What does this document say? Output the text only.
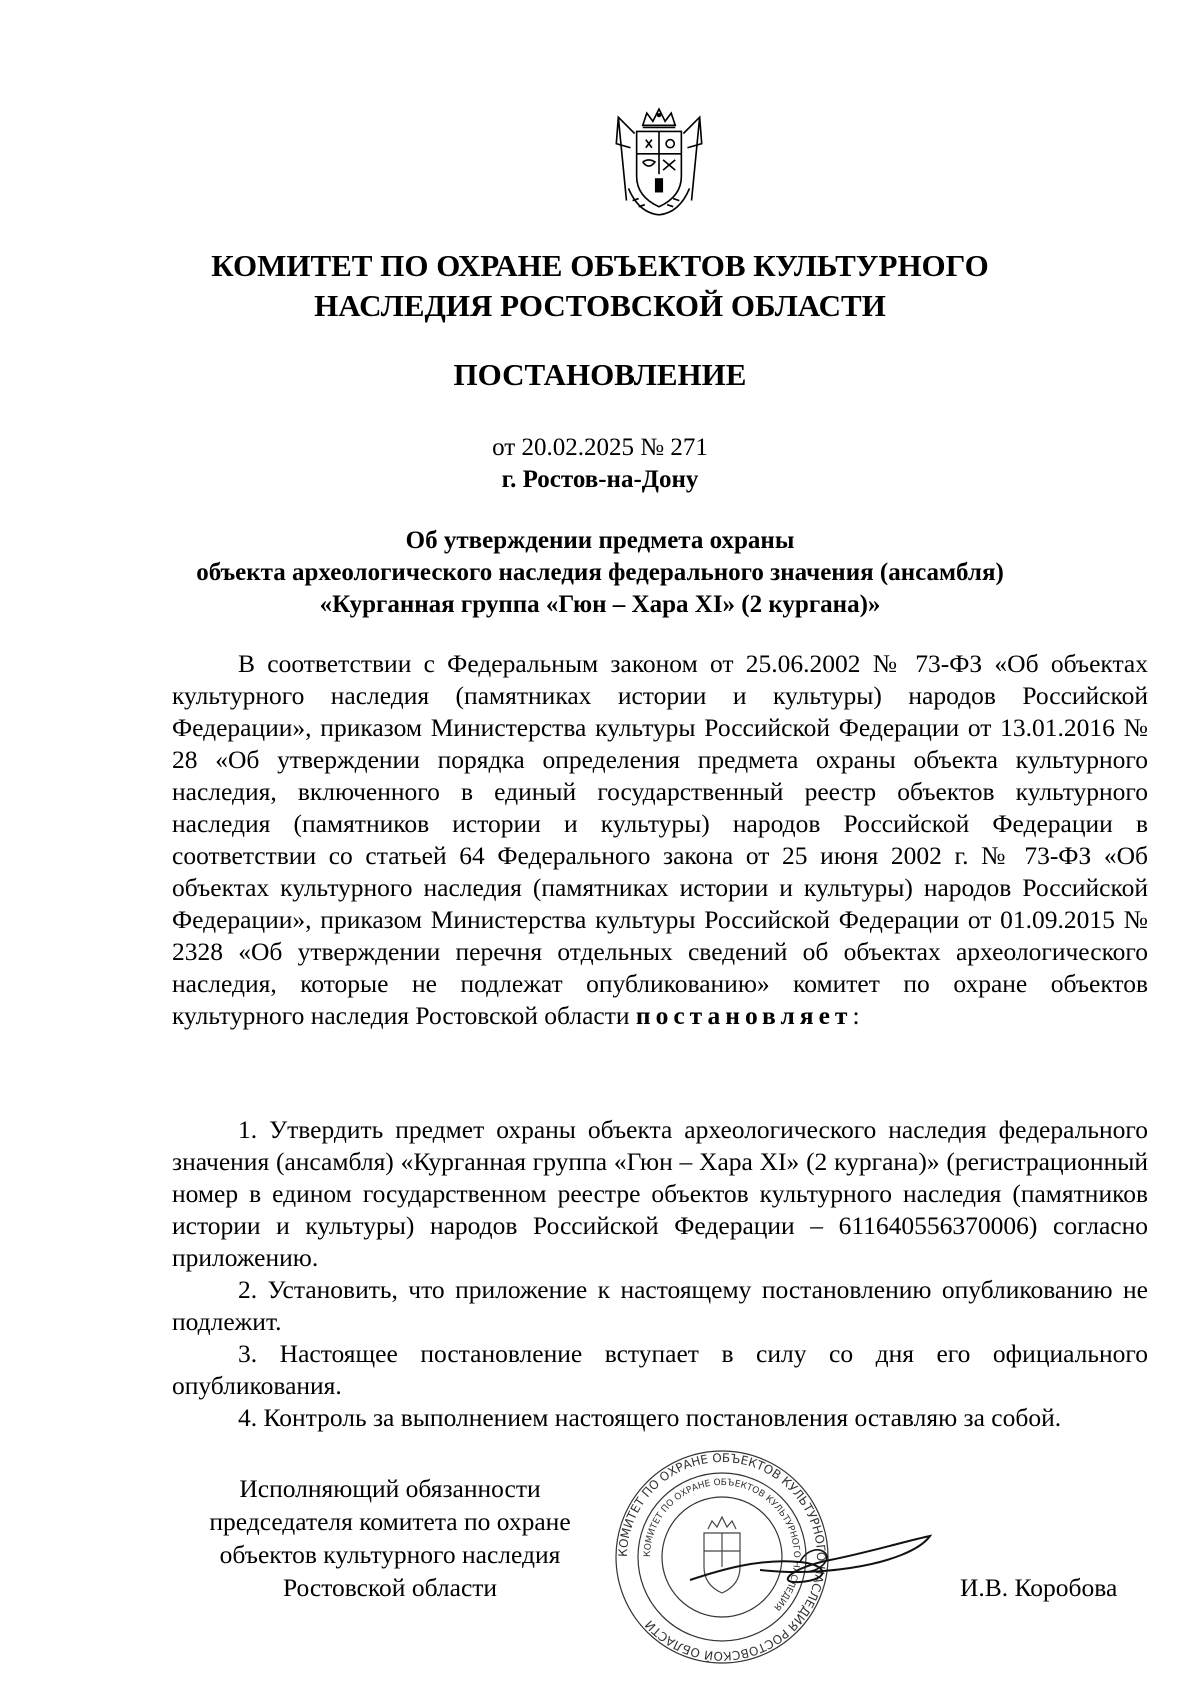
КОМИТЕТ ПО ОХРАНЕ ОБЪЕКТОВ КУЛЬТУРНОГО
НАСЛЕДИЯ РОСТОВСКОЙ ОБЛАСТИ
ПОСТАНОВЛЕНИЕ
от 20.02.2025 № 271
г. Ростов-на-Дону
Об утверждении предмета охраны
объекта археологического наследия федерального значения (ансамбля)
«Курганная группа «Гюн – Хара XI» (2 кургана)»

В соответствии с Федеральным законом от 25.06.2002 № 73-ФЗ «Об объектах культурного наследия (памятниках истории и культуры) народов Российской Федерации», приказом Министерства культуры Российской Федерации от 13.01.2016 № 28 «Об утверждении порядка определения предмета охраны объекта культурного наследия, включенного в единый государственный реестр объектов культурного наследия (памятников истории и культуры) народов Российской Федерации в соответствии со статьей 64 Федерального закона от 25 июня 2002 г. № 73-ФЗ «Об объектах культурного наследия (памятниках истории и культуры) народов Российской Федерации», приказом Министерства культуры Российской Федерации от 01.09.2015 № 2328 «Об утверждении перечня отдельных сведений об объектах археологического наследия, которые не подлежат опубликованию» комитет по охране объектов культурного наследия Ростовской области постановляет:

1. Утвердить предмет охраны объекта археологического наследия федерального значения (ансамбля) «Курганная группа «Гюн – Хара XI» (2 кургана)» (регистрационный номер в едином государственном реестре объектов культурного наследия (памятников истории и культуры) народов Российской Федерации – 611640556370006) согласно приложению.

2. Установить, что приложение к настоящему постановлению опубликованию не подлежит.

3. Настоящее постановление вступает в силу со дня его официального опубликования.

4. Контроль за выполнением настоящего постановления оставляю за собой.

Исполняющий обязанности
председателя комитета по охране
объектов культурного наследия
Ростовской области
КОМИТЕТ ПО ОХРАНЕ ОБЪЕКТОВ КУЛЬТУРНОГО НАСЛЕДИЯ РОСТОВСКОЙ ОБЛАСТИ
КОМИТЕТ ПО ОХРАНЕ ОБЪЕКТОВ КУЛЬТУРНОГО НАСЛЕДИЯ
И.В. Коробова
